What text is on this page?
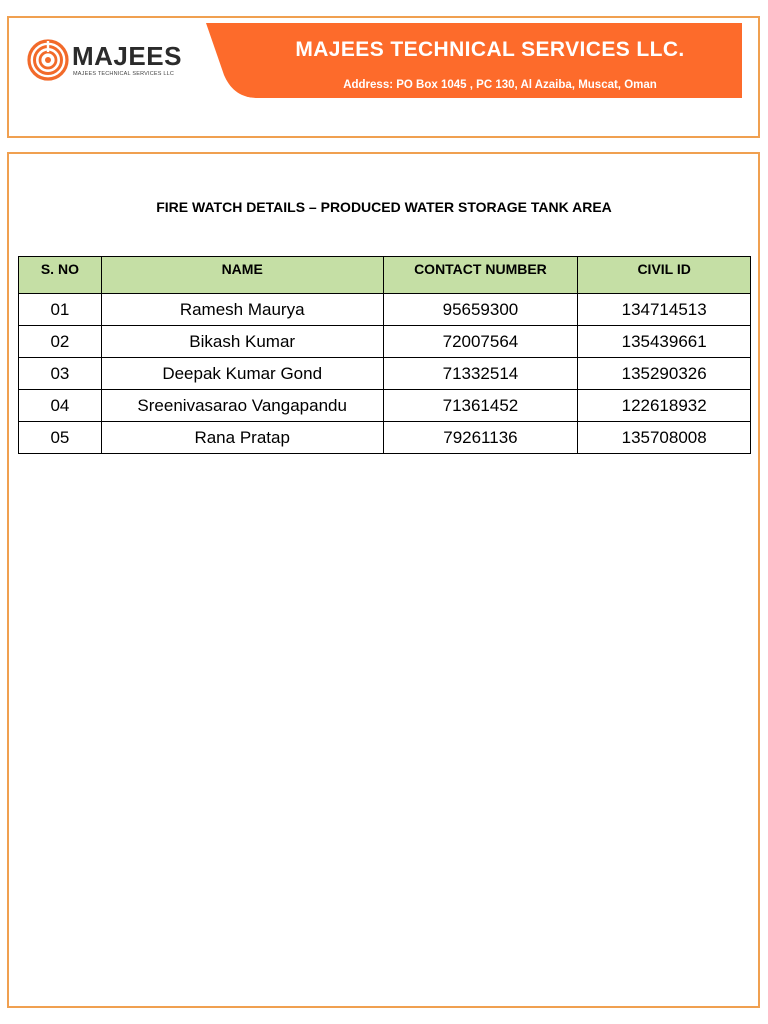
MAJEES
MAJEES TECHNICAL SERVICES LLC
MAJEES TECHNICAL SERVICES LLC.
Address: PO Box 1045 , PC 130, Al Azaiba, Muscat, Oman
FIRE WATCH DETAILS – PRODUCED WATER STORAGE TANK AREA
S. NO	NAME	CONTACT NUMBER	CIVIL ID
01	Ramesh Maurya	95659300	134714513
02	Bikash Kumar	72007564	135439661
03	Deepak Kumar Gond	71332514	135290326
04	Sreenivasarao Vangapandu	71361452	122618932
05	Rana Pratap	79261136	135708008
